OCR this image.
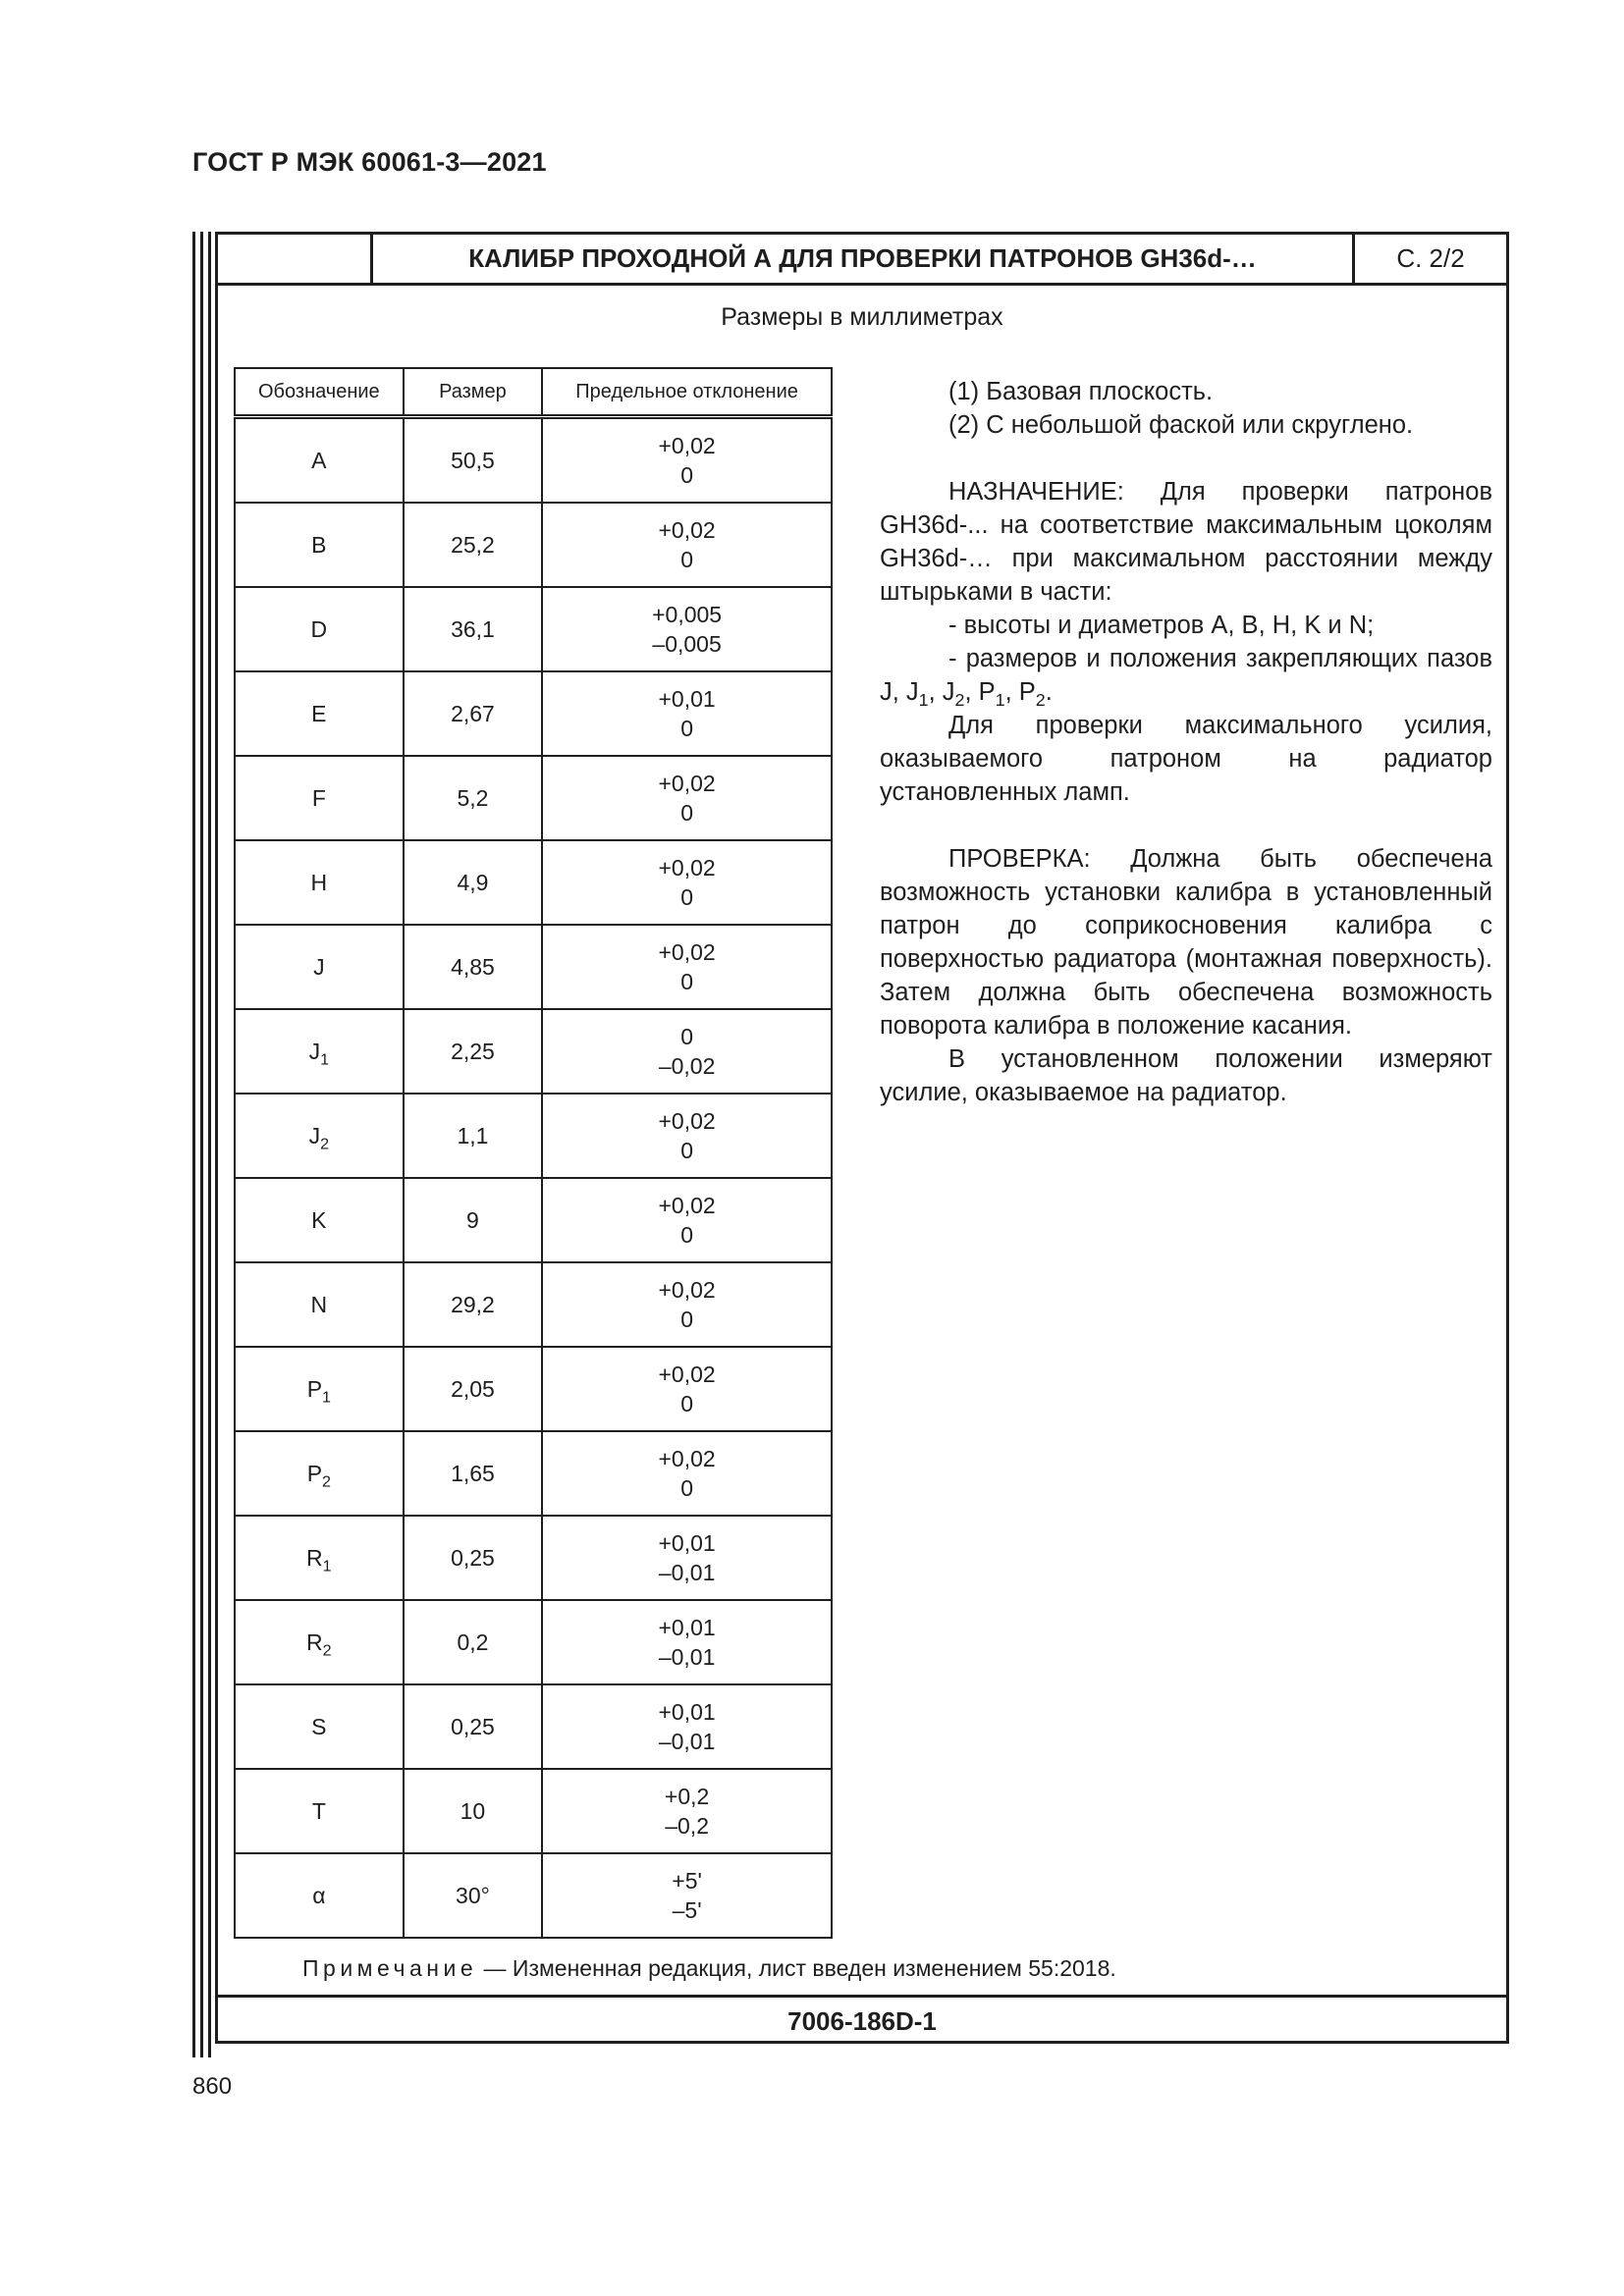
ГОСТ Р МЭК 60061-3—2021
КАЛИБР ПРОХОДНОЙ А ДЛЯ ПРОВЕРКИ ПАТРОНОВ GH36d-…	С. 2/2
Размеры в миллиметрах
Обозначение	Размер	Предельное отклонение
A	50,5	+0,02
0

B	25,2	+0,02
0

D	36,1	+0,005
–0,005

E	2,67	+0,01
0

F	5,2	+0,02
0

H	4,9	+0,02
0

J	4,85	+0,02
0

$J_1$	2,25	0
–0,02

$J_2$	1,1	+0,02
0

K	9	+0,02
0

N	29,2	+0,02
0

$P_1$	2,05	+0,02
0

$P_2$	1,65	+0,02
0

$R_1$	0,25	+0,01
–0,01

$R_2$	0,2	+0,01
–0,01

S	0,25	+0,01
–0,01

T	10	+0,2
–0,2

α	30°	+5'
–5'

(1) Базовая плоскость.

(2) С небольшой фаской или скруглено.

НАЗНАЧЕНИЕ: Для проверки патронов GH36d-... на соответствие максимальным цоколям GH36d-… при максимальном расстоянии между штырьками в части:

- высоты и диаметров A, B, H, K и N;

- размеров и положения закрепляющих пазов J, $J_1$, $J_2$, $P_1$, $P_2$.

Для проверки максимального усилия, оказываемого патроном на радиатор установленных ламп.

ПРОВЕРКА: Должна быть обеспечена возможность установки калибра в установленный патрон до соприкосновения калибра с поверхностью радиатора (монтажная поверхность). Затем должна быть обеспечена возможность поворота калибра в положение касания.

В установленном положении измеряют усилие, оказываемое на радиатор.

Примечание — Измененная редакция, лист введен изменением 55:2018.
7006-186D-1
860
